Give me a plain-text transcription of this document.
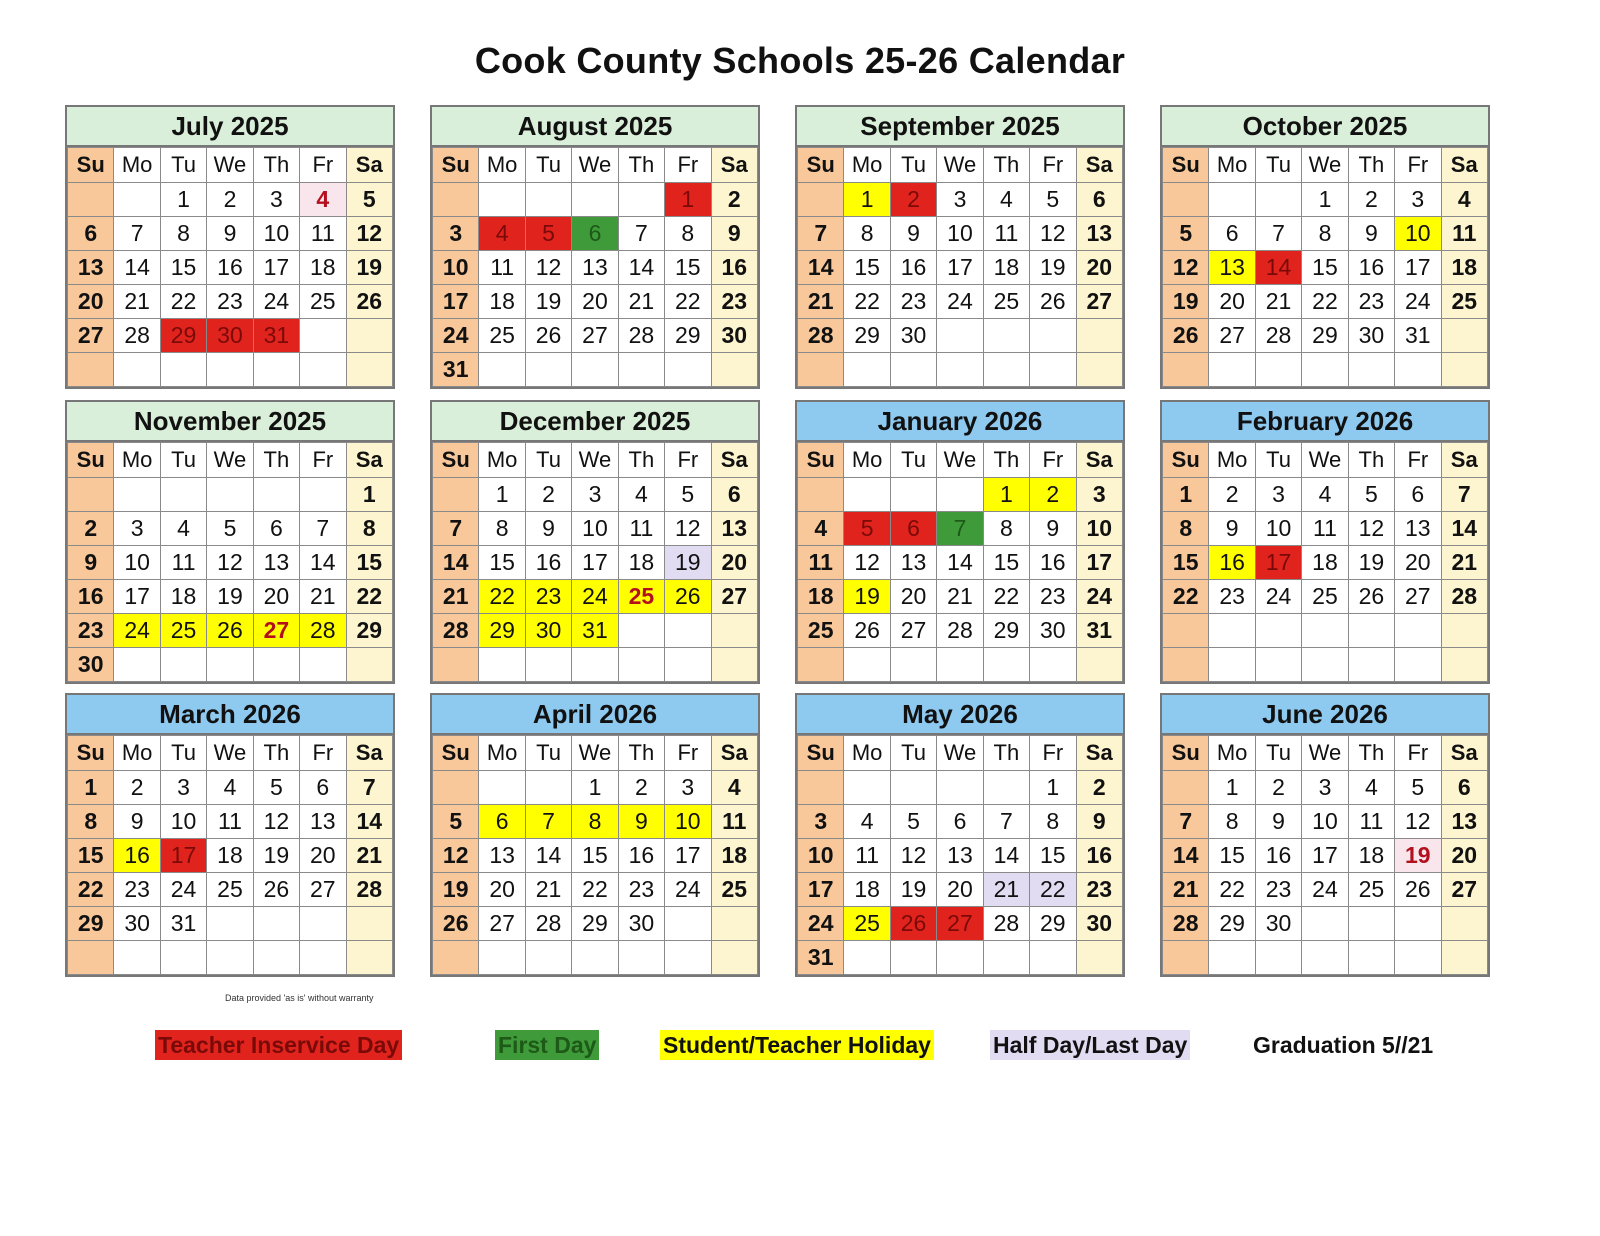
Cook County Schools 25-26 Calendar
July 2025
Su	Mo	Tu	We	Th	Fr	Sa
		1	2	3	4	5
6	7	8	9	10	11	12
13	14	15	16	17	18	19
20	21	22	23	24	25	26
27	28	29	30	31		

August 2025
Su	Mo	Tu	We	Th	Fr	Sa
					1	2
3	4	5	6	7	8	9
10	11	12	13	14	15	16
17	18	19	20	21	22	23
24	25	26	27	28	29	30
31						
September 2025
Su	Mo	Tu	We	Th	Fr	Sa
	1	2	3	4	5	6
7	8	9	10	11	12	13
14	15	16	17	18	19	20
21	22	23	24	25	26	27
28	29	30				

October 2025
Su	Mo	Tu	We	Th	Fr	Sa
			1	2	3	4
5	6	7	8	9	10	11
12	13	14	15	16	17	18
19	20	21	22	23	24	25
26	27	28	29	30	31	

November 2025
Su	Mo	Tu	We	Th	Fr	Sa
						1
2	3	4	5	6	7	8
9	10	11	12	13	14	15
16	17	18	19	20	21	22
23	24	25	26	27	28	29
30						
December 2025
Su	Mo	Tu	We	Th	Fr	Sa
	1	2	3	4	5	6
7	8	9	10	11	12	13
14	15	16	17	18	19	20
21	22	23	24	25	26	27
28	29	30	31			

January 2026
Su	Mo	Tu	We	Th	Fr	Sa
				1	2	3
4	5	6	7	8	9	10
11	12	13	14	15	16	17
18	19	20	21	22	23	24
25	26	27	28	29	30	31

February 2026
Su	Mo	Tu	We	Th	Fr	Sa
1	2	3	4	5	6	7
8	9	10	11	12	13	14
15	16	17	18	19	20	21
22	23	24	25	26	27	28

March 2026
Su	Mo	Tu	We	Th	Fr	Sa
1	2	3	4	5	6	7
8	9	10	11	12	13	14
15	16	17	18	19	20	21
22	23	24	25	26	27	28
29	30	31				

April 2026
Su	Mo	Tu	We	Th	Fr	Sa
			1	2	3	4
5	6	7	8	9	10	11
12	13	14	15	16	17	18
19	20	21	22	23	24	25
26	27	28	29	30		

May 2026
Su	Mo	Tu	We	Th	Fr	Sa
					1	2
3	4	5	6	7	8	9
10	11	12	13	14	15	16
17	18	19	20	21	22	23
24	25	26	27	28	29	30
31						
June 2026
Su	Mo	Tu	We	Th	Fr	Sa
	1	2	3	4	5	6
7	8	9	10	11	12	13
14	15	16	17	18	19	20
21	22	23	24	25	26	27
28	29	30				

Data provided 'as is' without warranty
Teacher Inservice Day	First Day	Student/Teacher Holiday	Half Day/Last Day	Graduation 5//21
